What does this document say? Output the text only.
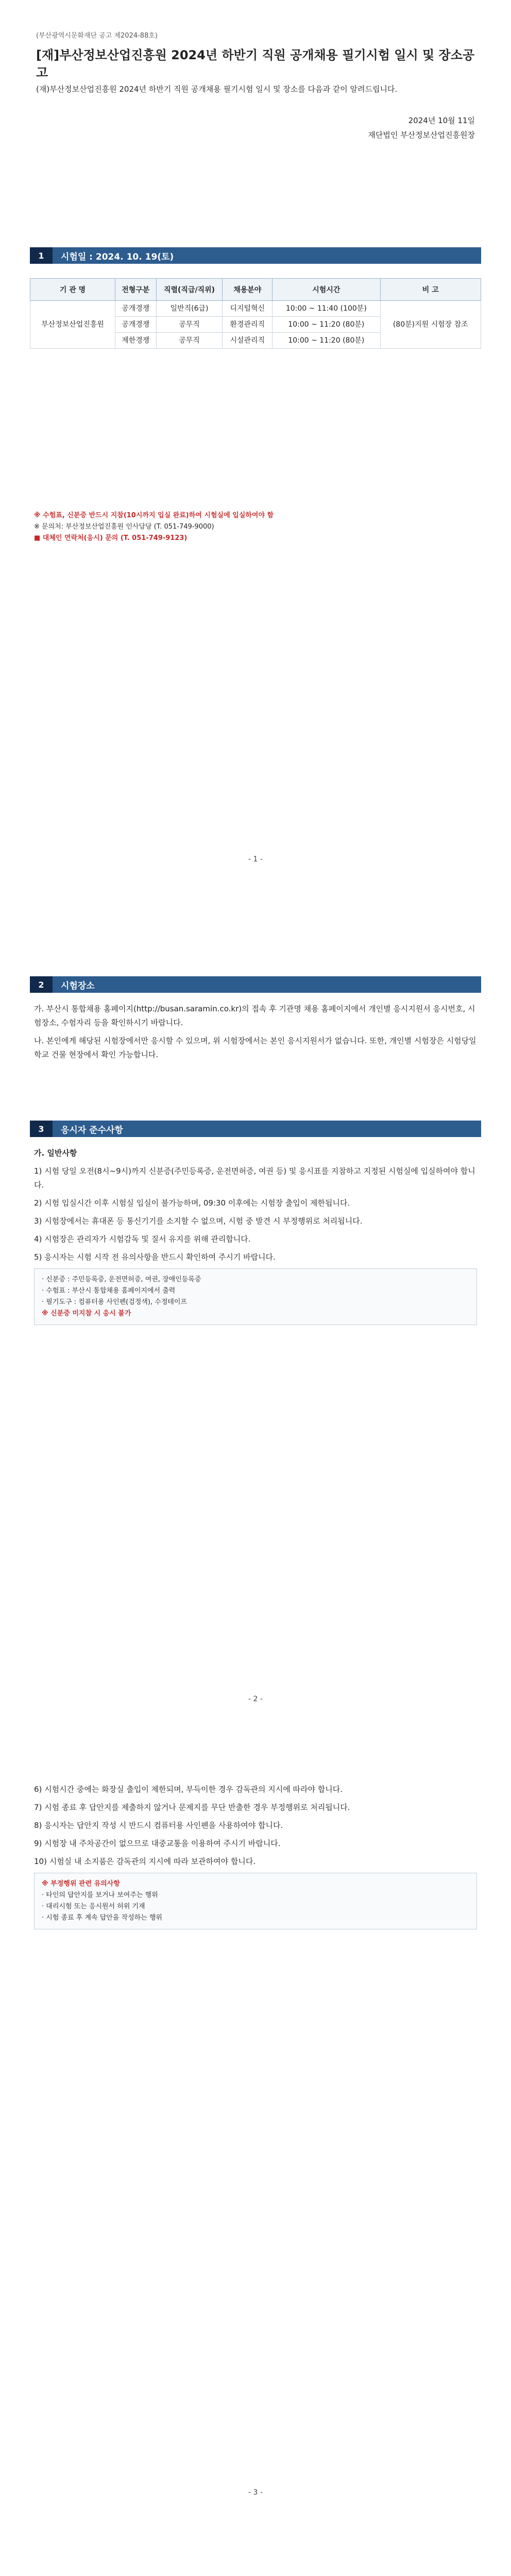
(부산광역시문화재단 공고 제2024-88호)
[재]부산정보산업진흥원 2024년 하반기 직원 공개채용 필기시험 일시 및 장소공고
(재)부산정보산업진흥원 2024년 하반기 직원 공개채용 필기시험 일시 및 장소를 다음과 같이 알려드립니다.
2024년 10월 11일
재단법인 부산정보산업진흥원장
1	시험일 : 2024. 10. 19(토)
기 관 명	전형구분	직렬(직급/직위)	채용분야	시험시간	비 고
부산정보산업진흥원	공개경쟁	일반직(6급)	디지털혁신	10:00 ~ 11:40 (100분)	(80분)지원 시험장 참조
	공개경쟁	공무직	환경관리직	10:00 ~ 11:20 (80분)	
	제한경쟁	공무직	시설관리직	10:00 ~ 11:20 (80분)	
※ 수험표, 신분증 반드시 지참(10시까지 입실 완료)하여 시험실에 입실하여야 함
※ 문의처: 부산정보산업진흥원 인사담당 (T. 051-749-9000)
■ 대체인 연락처(응시) 문의 (T. 051-749-9123)
- 1 -
2	시험장소

가. 부산시 통합채용 홈페이지(http://busan.saramin.co.kr)의 접속 후 기관명 채용 홈페이지에서 개인별 응시지원서 응시번호, 시험장소, 수험자리 등을 확인하시기 바랍니다.

나. 본인에게 해당된 시험장에서만 응시할 수 있으며, 위 시험장에서는 본인 응시지원서가 없습니다. 또한, 개인별 시험장은 시험당일 학교 건물 현장에서 확인 가능합니다.

3	응시자 준수사항

가. 일반사항

1) 시험 당일 오전(8시~9시)까지 신분증(주민등록증, 운전면허증, 여권 등) 및 응시표를 지참하고 지정된 시험실에 입실하여야 합니다.

2) 시험 입실시간 이후 시험실 입실이 불가능하며, 09:30 이후에는 시험장 출입이 제한됩니다.

3) 시험장에서는 휴대폰 등 통신기기를 소지할 수 없으며, 시험 중 발견 시 부정행위로 처리됩니다.

4) 시험장은 관리자가 시험감독 및 질서 유지를 위해 관리합니다.

5) 응시자는 시험 시작 전 유의사항을 반드시 확인하여 주시기 바랍니다.

· 신분증 : 주민등록증, 운전면허증, 여권, 장애인등록증
· 수험표 : 부산시 통합채용 홈페이지에서 출력
· 필기도구 : 컴퓨터용 사인펜(검정색), 수정테이프
※ 신분증 미지참 시 응시 불가
- 2 -

6) 시험시간 중에는 화장실 출입이 제한되며, 부득이한 경우 감독관의 지시에 따라야 합니다.

7) 시험 종료 후 답안지를 제출하지 않거나 문제지를 무단 반출한 경우 부정행위로 처리됩니다.

8) 응시자는 답안지 작성 시 반드시 컴퓨터용 사인펜을 사용하여야 합니다.

9) 시험장 내 주차공간이 없으므로 대중교통을 이용하여 주시기 바랍니다.

10) 시험실 내 소지품은 감독관의 지시에 따라 보관하여야 합니다.

※ 부정행위 관련 유의사항
· 타인의 답안지를 보거나 보여주는 행위
· 대리시험 또는 응시원서 허위 기재
· 시험 종료 후 계속 답안을 작성하는 행위
- 3 -
